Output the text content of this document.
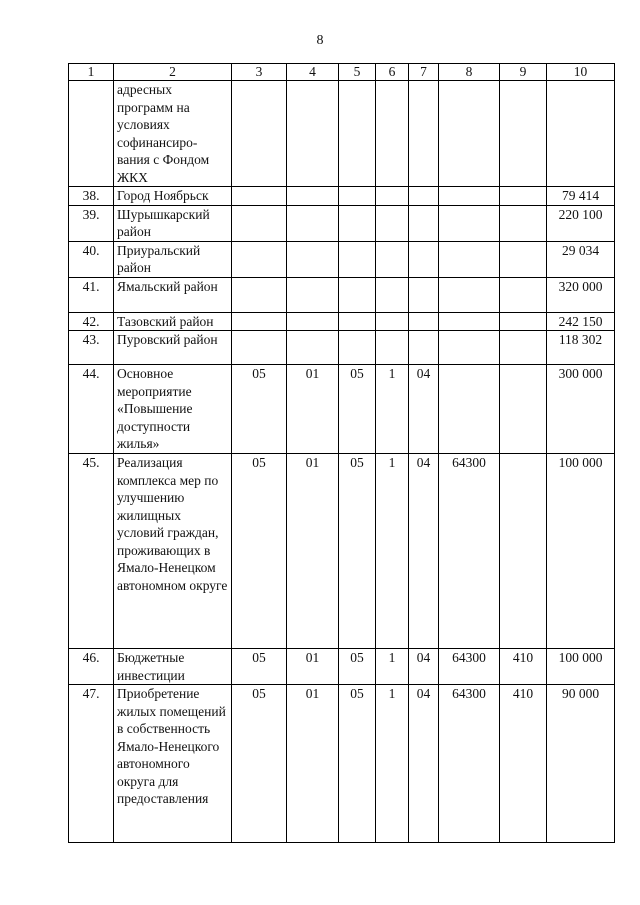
8
1	2	3	4	5	6	7	8	9	10
	адресных программ на условиях софинансиро-вания с Фондом ЖКХ								
38.	Город Ноябрьск								79 414
39.	Шурышкарский район								220 100
40.	Приуральский район								29 034
41.	Ямальский район								320 000
42.	Тазовский район								242 150
43.	Пуровский район								118 302
44.	Основное мероприятие «Повышение доступности жилья»	05	01	05	1	04			300 000
45.	Реализация комплекса мер по улучшению жилищных условий граждан, проживающих в Ямало-Ненецком автономном округе	05	01	05	1	04	64300		100 000
46.	Бюджетные инвестиции	05	01	05	1	04	64300	410	100 000
47.	Приобретение жилых помещений в собственность Ямало-Ненецкого автономного округа для предоставления	05	01	05	1	04	64300	410	90 000
